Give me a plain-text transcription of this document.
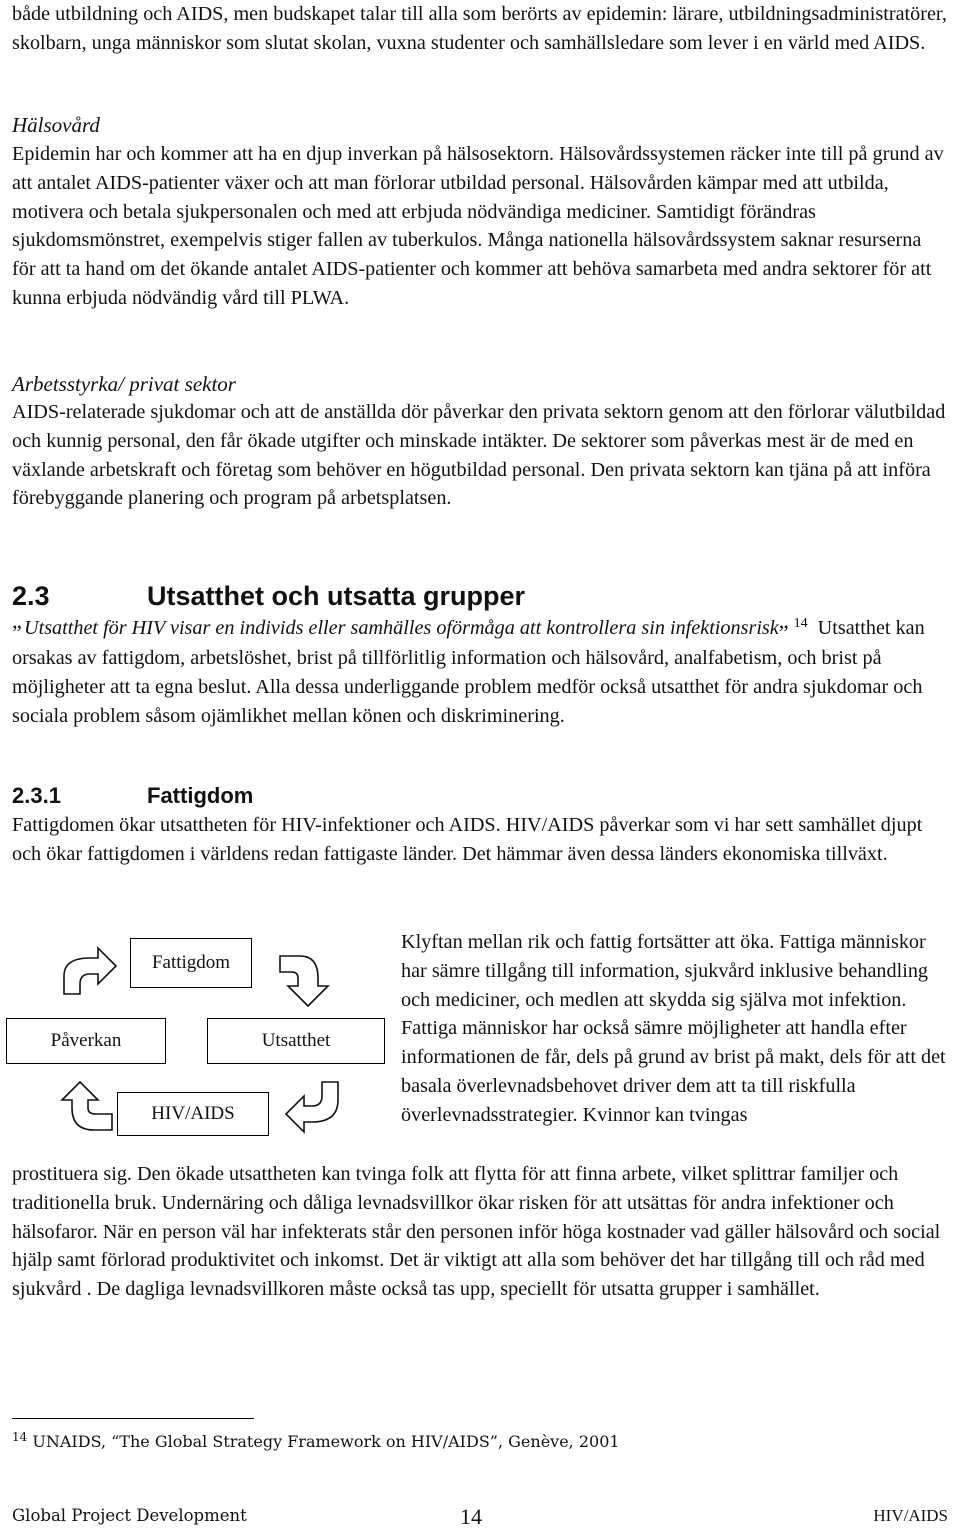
både utbildning och AIDS, men budskapet talar till alla som berörts av epidemin: lärare, utbildningsadministratörer, skolbarn, unga människor som slutat skolan, vuxna studenter och samhällsledare som lever i en värld med AIDS.

Hälsovård

Epidemin har och kommer att ha en djup inverkan på hälsosektorn. Hälsovårdssystemen räcker inte till på grund av att antalet AIDS-patienter växer och att man förlorar utbildad personal. Hälsovården kämpar med att utbilda, motivera och betala sjukpersonalen och med att erbjuda nödvändiga mediciner. Samtidigt förändras sjukdomsmönstret, exempelvis stiger fallen av tuberkulos. Många nationella hälsovårdssystem saknar resurserna för att ta hand om det ökande antalet AIDS-patienter och kommer att behöva samarbeta med andra sektorer för att kunna erbjuda nödvändig vård till PLWA.

Arbetsstyrka/ privat sektor

AIDS-relaterade sjukdomar och att de anställda dör påverkar den privata sektorn genom att den förlorar välutbildad och kunnig personal, den får ökade utgifter och minskade intäkter. De sektorer som påverkas mest är de med en växlande arbetskraft och företag som behöver en högutbildad personal. Den privata sektorn kan tjäna på att införa förebyggande planering och program på arbetsplatsen.

2.3	Utsatthet och utsatta grupper

” Utsatthet för HIV visar en individs eller samhälles oförmåga att kontrollera sin infektionsrisk” $^{14}$ Utsatthet kan orsakas av fattigdom, arbetslöshet, brist på tillförlitlig information och hälsovård, analfabetism, och brist på möjligheter att ta egna beslut. Alla dessa underliggande problem medför också utsatthet för andra sjukdomar och sociala problem såsom ojämlikhet mellan könen och diskriminering.

2.3.1	Fattigdom

Fattigdomen ökar utsattheten för HIV-infektioner och AIDS. HIV/AIDS påverkar som vi har sett samhället djupt och ökar fattigdomen i världens redan fattigaste länder. Det hämmar även dessa länders ekonomiska tillväxt.

Fattigdom
Påverkan	Utsatthet
HIV/AIDS

Klyftan mellan rik och fattig fortsätter att öka. Fattiga människor har sämre tillgång till information, sjukvård inklusive behandling och mediciner, och medlen att skydda sig själva mot infektion. Fattiga människor har också sämre möjligheter att handla efter informationen de får, dels på grund av brist på makt, dels för att det basala överlevnadsbehovet driver dem att ta till riskfulla överlevnadsstrategier. Kvinnor kan tvingas

prostituera sig. Den ökade utsattheten kan tvinga folk att flytta för att finna arbete, vilket splittrar familjer och traditionella bruk. Undernäring och dåliga levnadsvillkor ökar risken för att utsättas för andra infektioner och hälsofaror. När en person väl har infekterats står den personen inför höga kostnader vad gäller hälsovård och social hjälp samt förlorad produktivitet och inkomst. Det är viktigt att alla som behöver det har tillgång till och råd med sjukvård . De dagliga levnadsvillkoren måste också tas upp, speciellt för utsatta grupper i samhället.

$^{14}$ UNAIDS, “The Global Strategy Framework on HIV/AIDS”, Genève, 2001

Global Project Development	14	HIV/AIDS
